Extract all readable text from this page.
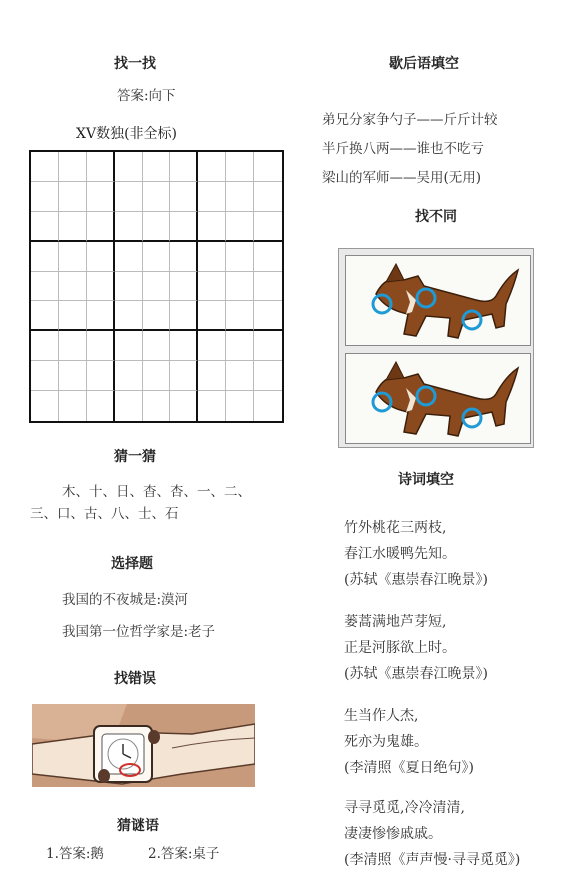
找一找
答案:向下
XV数独(非全标)
猜一猜
木、十、日、杳、杏、一、二、
三、口、古、八、士、石
选择题
我国的不夜城是:漠河
我国第一位哲学家是:老子
找错误
猜谜语
1.答案:鹅	2.答案:桌子
歇后语填空
弟兄分家争勺子——斤斤计较
半斤换八两——谁也不吃亏
梁山的军师——吴用(无用)
找不同
诗词填空
竹外桃花三两枝,
春江水暖鸭先知。
(苏轼《惠崇春江晚景》)
蒌蒿满地芦芽短,
正是河豚欲上时。
(苏轼《惠崇春江晚景》)
生当作人杰,
死亦为鬼雄。
(李清照《夏日绝句》)
寻寻觅觅,冷冷清清,
凄凄惨惨戚戚。
(李清照《声声慢·寻寻觅觅》)
